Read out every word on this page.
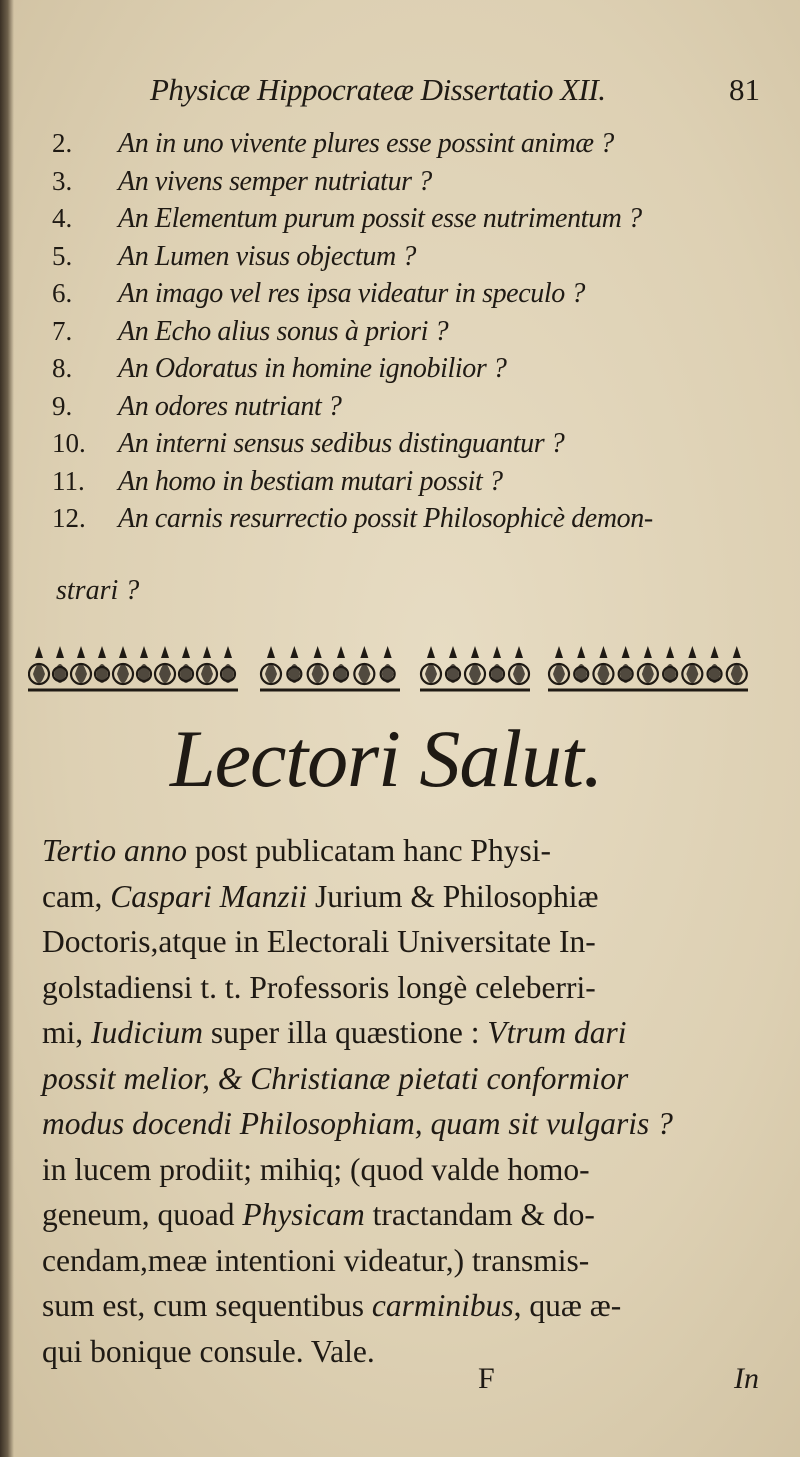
Physicæ Hippocrateæ Dissertatio XII.	81
2.	An in uno vivente plures esse possint animæ ?
3.	An vivens semper nutriatur ?
4.	An Elementum purum possit esse nutrimentum ?
5.	An Lumen visus objectum ?
6.	An imago vel res ipsa videatur in speculo ?
7.	An Echo alius sonus à priori ?
8.	An Odoratus in homine ignobilior ?
9.	An odores nutriant ?
10.	An interni sensus sedibus distinguantur ?
11.	An homo in bestiam mutari possit ?
12.	An carnis resurrectio possit Philosophicè demon-
strari ?
Lectori Salut.
Tertio anno post publicatam hanc Physi-
cam, Caspari Manzii Jurium & Philosophiæ
Doctoris,atque in Electorali Universitate In-
golstadiensi t. t. Professoris longè celeberri-
mi, Iudicium super illa quæstione : Vtrum dari
possit melior, & Christianæ pietati conformior
modus docendi Philosophiam, quam sit vulgaris ?
in lucem prodiit; mihiq; (quod valde homo-
geneum, quoad Physicam tractandam & do-
cendam,meæ intentioni videatur,) transmis-
sum est, cum sequentibus carminibus, quæ æ-
qui bonique consule. Vale.
F	In
